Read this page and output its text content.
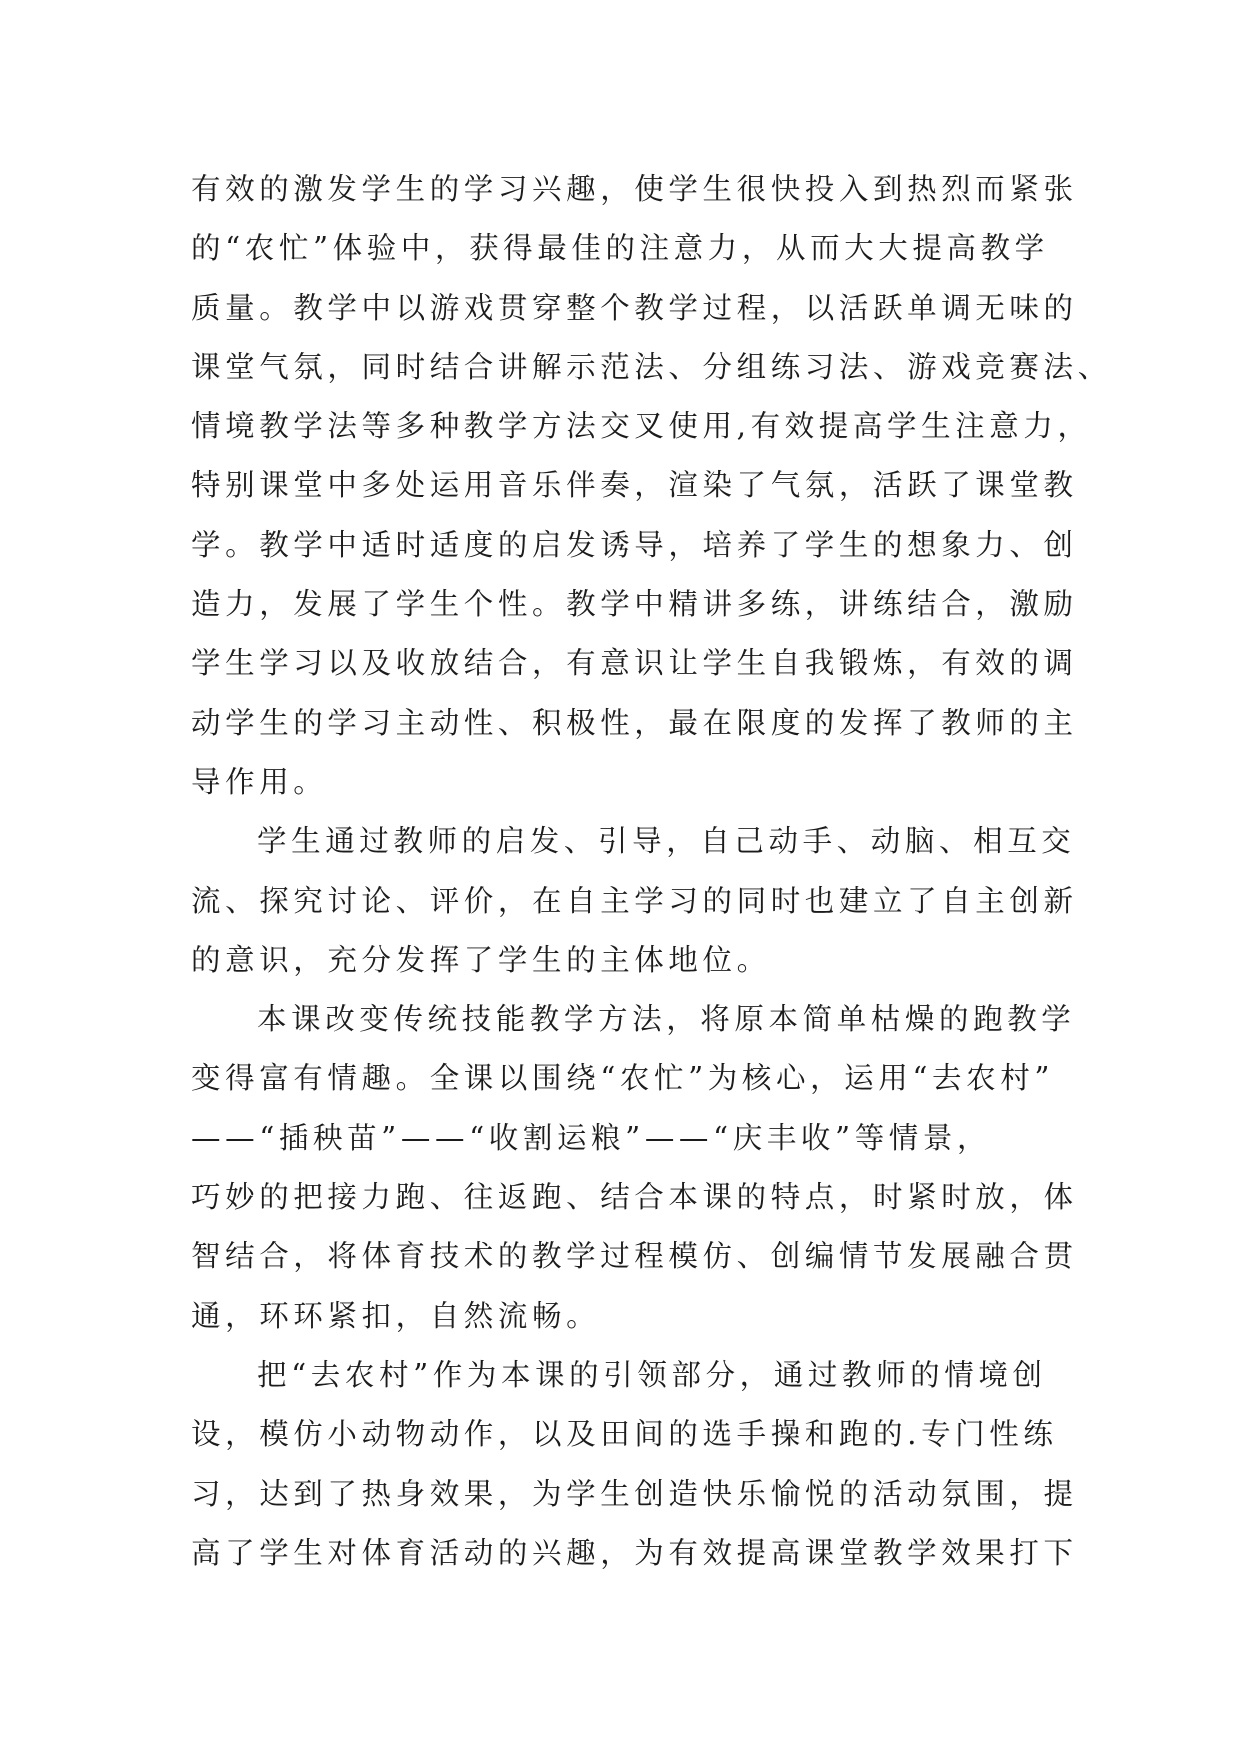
有效的激发学生的学习兴趣，使学生很快投入到热烈而紧张
的“农忙”体验中，获得最佳的注意力，从而大大提高教学
质量。教学中以游戏贯穿整个教学过程，以活跃单调无味的
课堂气氛，同时结合讲解示范法、分组练习法、游戏竞赛法、
情境教学法等多种教学方法交叉使用,有效提高学生注意力，
特别课堂中多处运用音乐伴奏，渲染了气氛，活跃了课堂教
学。教学中适时适度的启发诱导，培养了学生的想象力、创
造力，发展了学生个性。教学中精讲多练，讲练结合，激励
学生学习以及收放结合，有意识让学生自我锻炼，有效的调
动学生的学习主动性、积极性，最在限度的发挥了教师的主
导作用。
学生通过教师的启发、引导，自己动手、动脑、相互交
流、探究讨论、评价，在自主学习的同时也建立了自主创新
的意识，充分发挥了学生的主体地位。
本课改变传统技能教学方法，将原本简单枯燥的跑教学
变得富有情趣。全课以围绕“农忙”为核心，运用“去农村”
——“插秧苗”——“收割运粮”——“庆丰收”等情景，
巧妙的把接力跑、往返跑、结合本课的特点，时紧时放，体
智结合，将体育技术的教学过程模仿、创编情节发展融合贯
通，环环紧扣，自然流畅。
把“去农村”作为本课的引领部分，通过教师的情境创
设，模仿小动物动作，以及田间的选手操和跑的.专门性练
习，达到了热身效果，为学生创造快乐愉悦的活动氛围，提
高了学生对体育活动的兴趣，为有效提高课堂教学效果打下
